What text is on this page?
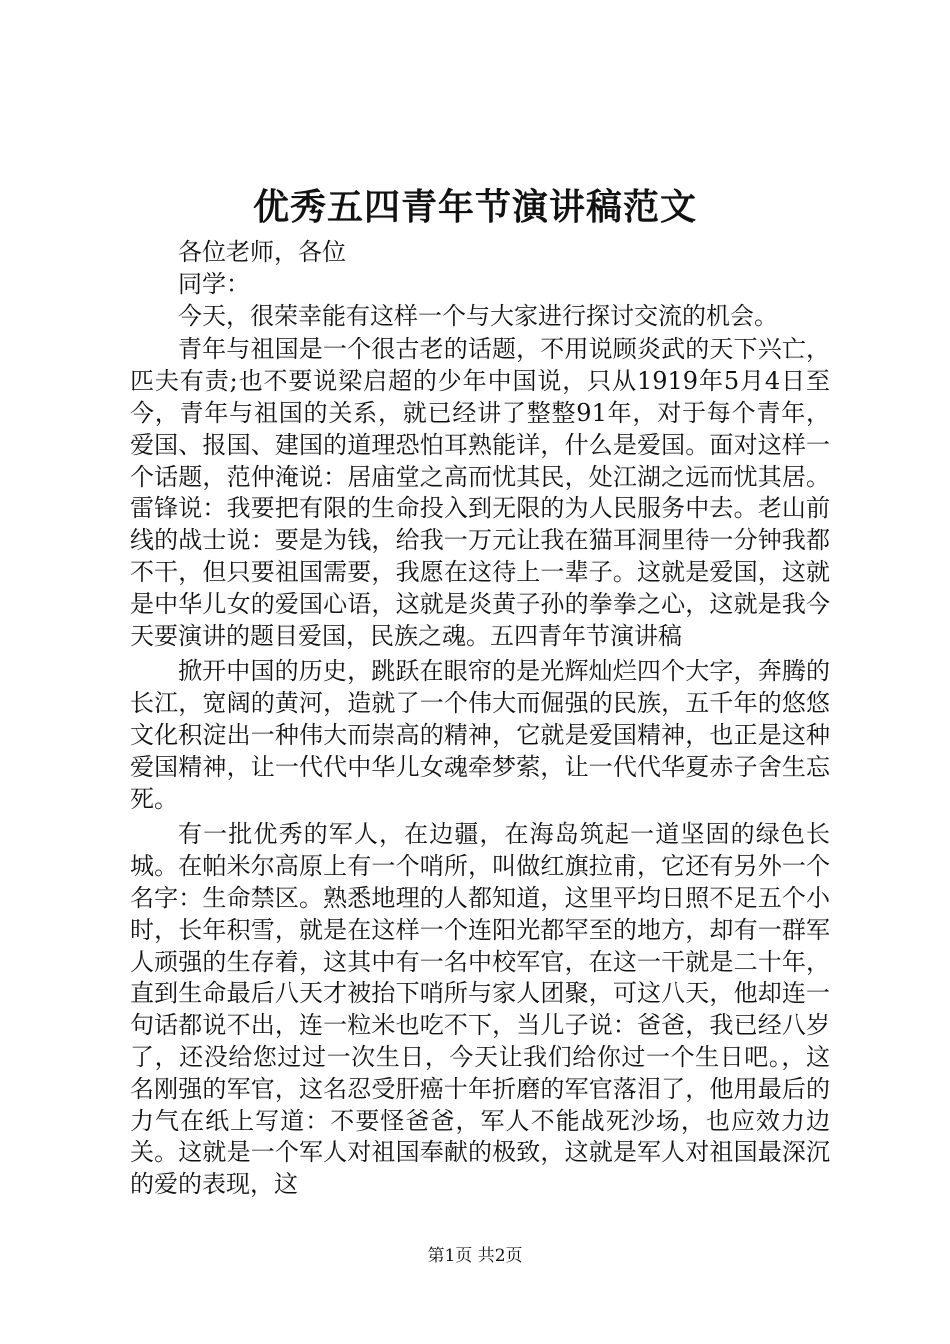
优秀五四青年节演讲稿范文

各位老师，各位

同学：

今天，很荣幸能有这样一个与大家进行探讨交流的机会。

青年与祖国是一个很古老的话题，不用说顾炎武的天下兴亡，匹夫有责;也不要说梁启超的少年中国说，只从1919年5月4日至今，青年与祖国的关系，就已经讲了整整91年，对于每个青年，爱国、报国、建国的道理恐怕耳熟能详，什么是爱国。面对这样一个话题，范仲淹说：居庙堂之高而忧其民，处江湖之远而忧其居。雷锋说：我要把有限的生命投入到无限的为人民服务中去。老山前线的战士说：要是为钱，给我一万元让我在猫耳洞里待一分钟我都不干，但只要祖国需要，我愿在这待上一辈子。这就是爱国，这就是中华儿女的爱国心语，这就是炎黄子孙的拳拳之心，这就是我今天要演讲的题目爱国，民族之魂。五四青年节演讲稿

掀开中国的历史，跳跃在眼帘的是光辉灿烂四个大字，奔腾的长江，宽阔的黄河，造就了一个伟大而倔强的民族，五千年的悠悠文化积淀出一种伟大而崇高的精神，它就是爱国精神，也正是这种爱国精神，让一代代中华儿女魂牵梦萦，让一代代华夏赤子舍生忘死。

有一批优秀的军人，在边疆，在海岛筑起一道坚固的绿色长城。在帕米尔高原上有一个哨所，叫做红旗拉甫，它还有另外一个名字：生命禁区。熟悉地理的人都知道，这里平均日照不足五个小时，长年积雪，就是在这样一个连阳光都罕至的地方，却有一群军人顽强的生存着，这其中有一名中校军官，在这一干就是二十年，直到生命最后八天才被抬下哨所与家人团聚，可这八天，他却连一句话都说不出，连一粒米也吃不下，当儿子说：爸爸，我已经八岁了，还没给您过过一次生日，今天让我们给你过一个生日吧。，这名刚强的军官，这名忍受肝癌十年折磨的军官落泪了，他用最后的力气在纸上写道：不要怪爸爸，军人不能战死沙场，也应效力边关。这就是一个军人对祖国奉献的极致，这就是军人对祖国最深沉的爱的表现，这

第1页 共2页
